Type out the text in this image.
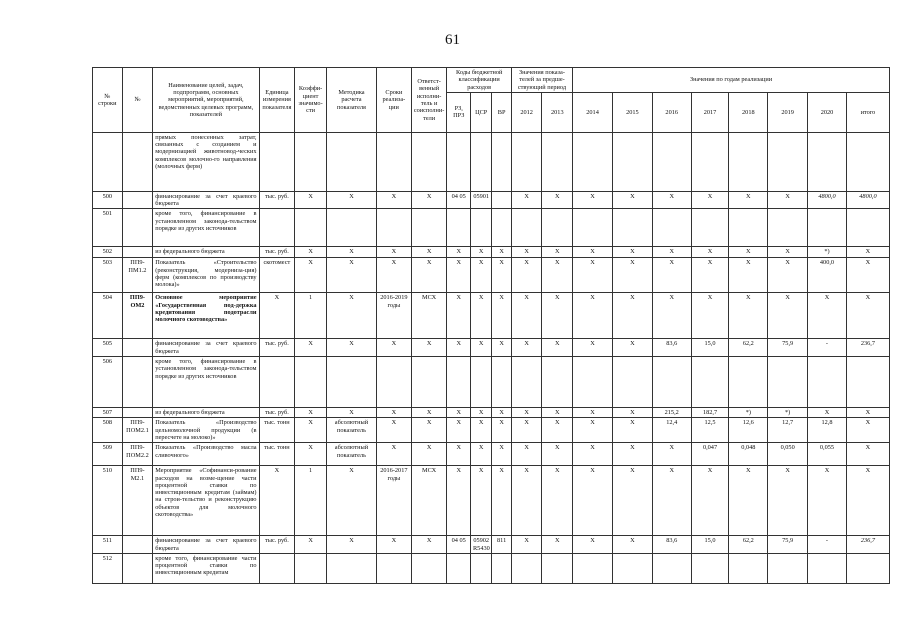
61
№ строки	№	Наименование целей, задач, подпрограмм, основных мероприятий, мероприятий, ведомственных целевых программ, показателей	Единица измерения показателя	Коэффи-циент значимо-сти	Методика расчета показателя	Сроки реализа-ции	Ответст-венный исполни-тель и соисполни-тели	Коды бюджетной классификации расходов			Значения показа-телей за предше-ствующий период		Значения по годам реализации							
								РЗ, ПРЗ	ЦСР	ВР	2012	2013	2014	2015	2016	2017	2018	2019	2020	итого
		прямых понесенных затрат, связанных с созданием и модернизацией животновод-ческих комплексов молочно-го направления (молочных ферм)																		
500		финансирование за счет краевого бюджета	тыс. руб.	X	X	X	X	04 05	05901		X	X	X	X	X	X	X	X	4800,0	4800,0
501		кроме того, финансирование в установленном законода-тельством порядке из других источников																		
502		из федерального бюджета	тыс. руб.	X	X	X	X	X	X	X	X	X	X	X	X	X	X	X	*)	X
503	ПП9-ПМ1.2	Показатель «Строительство (реконструкция, модерниза-ция) ферм (комплексов по производству молока)»	скотомест	X	X	X	X	X	X	X	X	X	X	X	X	X	X	X	400,0	X
504	ПП9-ОМ2	Основное мероприятие «Государственная под-держка кредитования подотрасли молочного скотоводства»	X	1	X	2016-2019 годы	МСХ	X	X	X	X	X	X	X	X	X	X	X	X	X
505		финансирование за счет краевого бюджета	тыс. руб.	X	X	X	X	X	X	X	X	X	X	X	83,6	15,0	62,2	75,9	-	236,7
506		кроме того, финансирование в установленном законода-тельством порядке из других источников																		
507		из федерального бюджета	тыс. руб.	X	X	X	X	X	X	X	X	X	X	X	215,2	182,7	*)	*)	X	X
508	ПП9-ПОМ2.1	Показатель «Производство цельномолочной продукции (в пересчете на молоко)»	тыс. тонн	X	абсолютный показатель	X	X	X	X	X	X	X	X	X	12,4	12,5	12,6	12,7	12,8	X
509	ПП9-ПОМ2.2	Показатель «Производство масла сливочного»	тыс. тонн	X	абсолютный показатель	X	X	X	X	X	X	X	X	X	X	0,047	0,048	0,050	0,055	X
510	ПП9-М2.1	Мероприятие «Софинанси-рование расходов на возме-щение части процентной ставки по инвестиционным кредитам (займам) на строи-тельство и реконструкцию объектов для молочного скотоводства»	X	1	X	2016-2017 годы	МСХ	X	X	X	X	X	X	X	X	X	X	X	X	X
511		финансирование за счет краевого бюджета	тыс. руб.	X	X	X	X	04 05	05902 R5430	811	X	X	X	X	83,6	15,0	62,2	75,9	-	236,7
512		кроме того, финансирование части процентной ставки по инвестиционным кредитам																		
